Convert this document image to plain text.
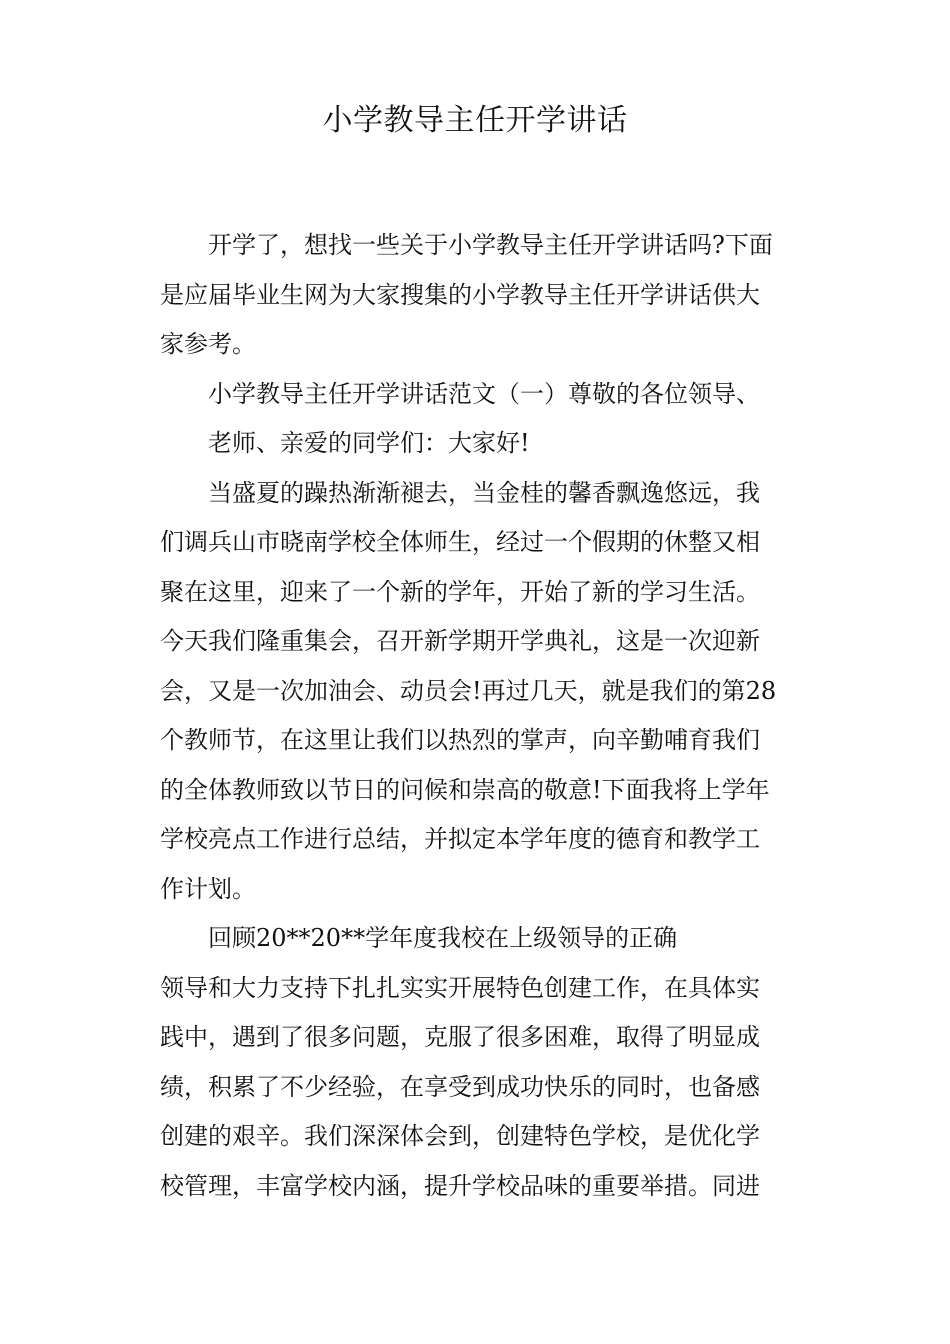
小学教导主任开学讲话
开学了，想找一些关于小学教导主任开学讲话吗?下面
是应届毕业生网为大家搜集的小学教导主任开学讲话供大
家参考。
小学教导主任开学讲话范文（一）尊敬的各位领导、
老师、亲爱的同学们：大家好!
当盛夏的躁热渐渐褪去，当金桂的馨香飘逸悠远，我
们调兵山市晓南学校全体师生，经过一个假期的休整又相
聚在这里，迎来了一个新的学年，开始了新的学习生活。
今天我们隆重集会，召开新学期开学典礼，这是一次迎新
会，又是一次加油会、动员会!再过几天，就是我们的第28
个教师节，在这里让我们以热烈的掌声，向辛勤哺育我们
的全体教师致以节日的问候和崇高的敬意!下面我将上学年
学校亮点工作进行总结，并拟定本学年度的德育和教学工
作计划。
回顾20**20**学年度我校在上级领导的正确
领导和大力支持下扎扎实实开展特色创建工作，在具体实
践中，遇到了很多问题，克服了很多困难，取得了明显成
绩，积累了不少经验，在享受到成功快乐的同时，也备感
创建的艰辛。我们深深体会到，创建特色学校，是优化学
校管理，丰富学校内涵，提升学校品味的重要举措。同进
